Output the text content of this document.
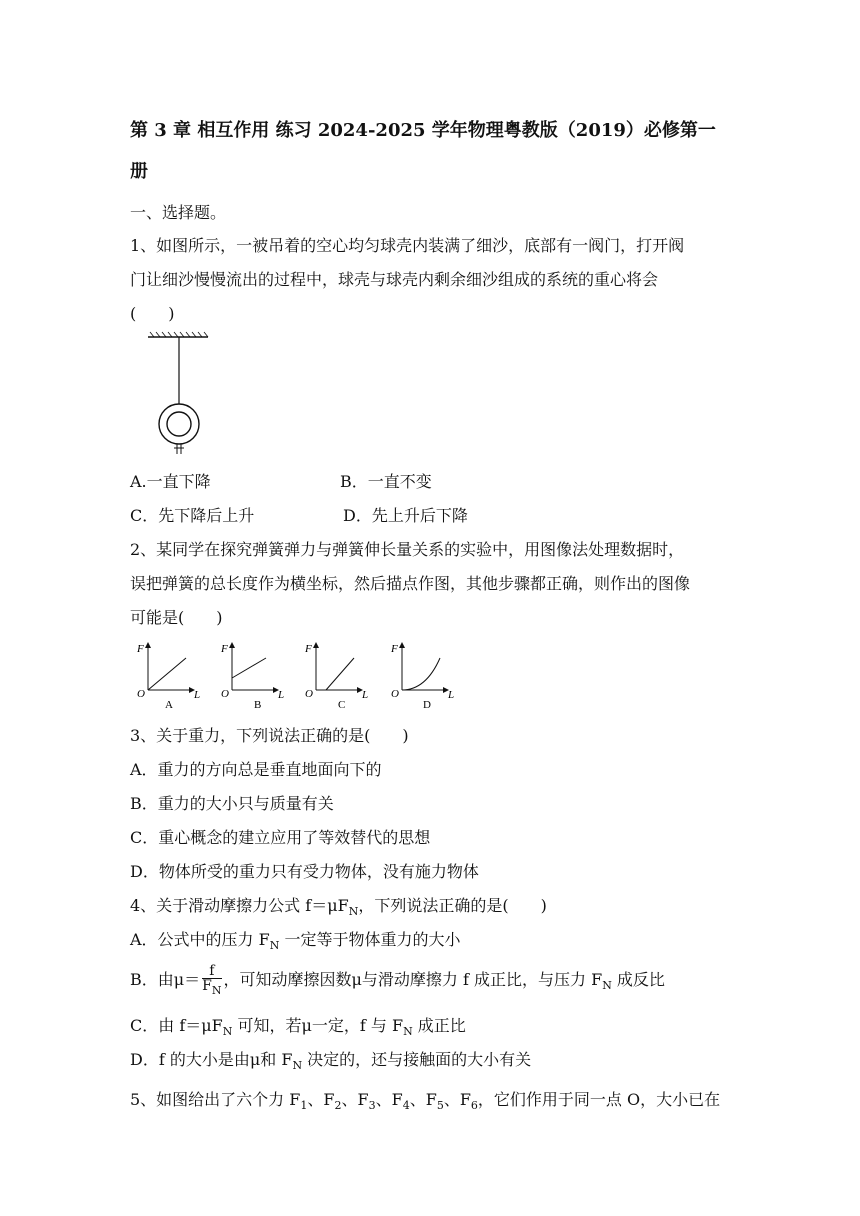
第 3 章 相互作用 练习 2024-2025 学年物理粤教版（2019）必修第一
册
一、选择题。
1、如图所示，一被吊着的空心均匀球壳内装满了细沙，底部有一阀门，打开阀
门让细沙慢慢流出的过程中，球壳与球壳内剩余细沙组成的系统的重心将会
(　　)
A.一直下降	B．一直不变
C．先下降后上升	D．先上升后下降
2、某同学在探究弹簧弹力与弹簧伸长量关系的实验中，用图像法处理数据时，
误把弹簧的总长度作为横坐标，然后描点作图，其他步骤都正确，则作出的图像
可能是(　　)
F
O	L
A
F
O	L
B
F
O	L
C
F
O	L
D
3、关于重力，下列说法正确的是(　　)
A．重力的方向总是垂直地面向下的
B．重力的大小只与质量有关
C．重心概念的建立应用了等效替代的思想
D．物体所受的重力只有受力物体，没有施力物体
4、关于滑动摩擦力公式 $f=\mu F_N$，下列说法正确的是(　　)
A．公式中的压力 $F_N$ 一定等于物体重力的大小
B．由$\mu= \frac{f}{F_N}$ ，可知动摩擦因数μ与滑动摩擦力 f 成正比，与压力 $F_N$ 成反比
C．由 $f=\mu F_N$ 可知，若μ一定，f 与 $F_N$ 成正比
D．f 的大小是由μ和 $F_N$ 决定的，还与接触面的大小有关
5、如图给出了六个力 $F_1$、$F_2$、$F_3$、$F_4$、$F_5$、$F_6$，它们作用于同一点 O，大小已在
